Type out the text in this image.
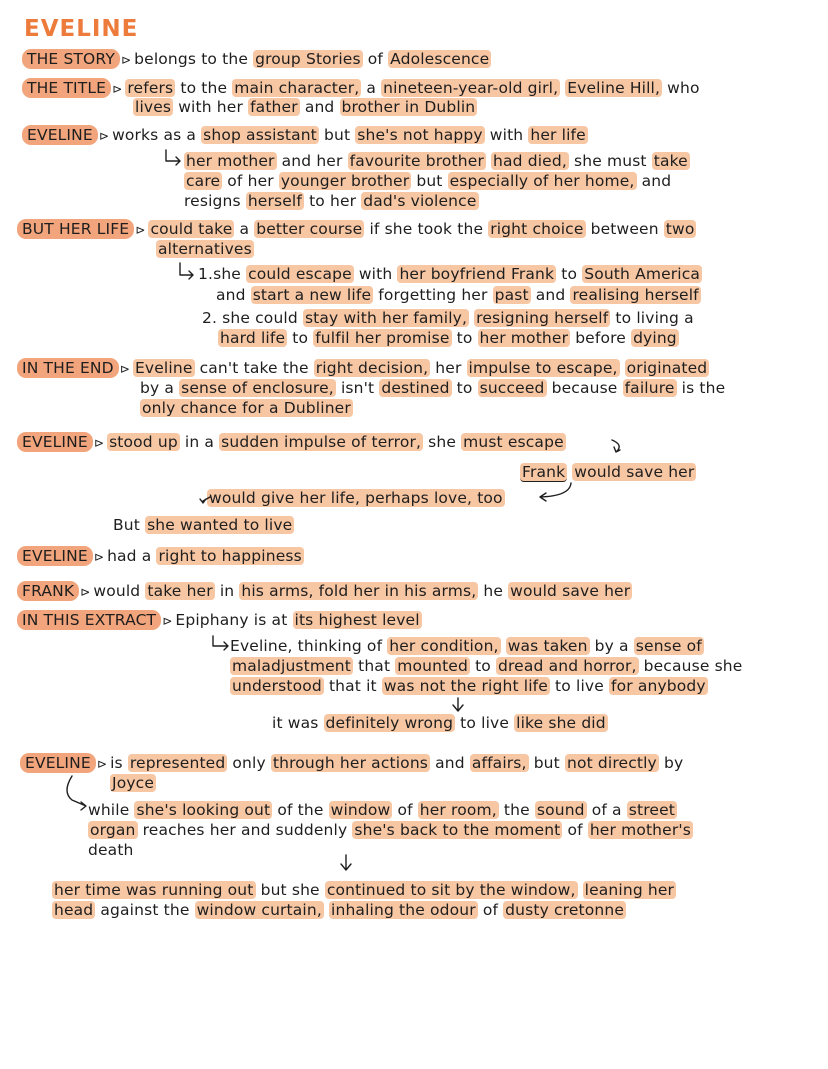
EVELINE
THE STORY ⊳ belongs to the group Stories of Adolescence
THE TITLE ⊳ refers to the main character, a nineteen-year-old girl, Eveline Hill, who
lives with her father and brother in Dublin
EVELINE ⊳ works as a shop assistant but she's not happy with her life
her mother and her favourite brother had died, she must take
care of her younger brother but especially of her home, and
resigns herself to her dad's violence
BUT HER LIFE ⊳ could take a better course if she took the right choice between two
alternatives
1.she could escape with her boyfriend Frank to South America
and start a new life forgetting her past and realising herself
2. she could stay with her family, resigning herself to living a
hard life to fulfil her promise to her mother before dying
IN THE END ⊳ Eveline can't take the right decision, her impulse to escape, originated
by a sense of enclosure, isn't destined to succeed because failure is the
only chance for a Dubliner
EVELINE ⊳ stood up in a sudden impulse of terror, she must escape
Frank would save her
would give her life, perhaps love, too
But she wanted to live
EVELINE ⊳ had a right to happiness
FRANK ⊳ would take her in his arms, fold her in his arms, he would save her
IN THIS EXTRACT ⊳ Epiphany is at its highest level
Eveline, thinking of her condition, was taken by a sense of
maladjustment that mounted to dread and horror, because she
understood that it was not the right life to live for anybody
it was definitely wrong to live like she did
EVELINE ⊳ is represented only through her actions and affairs, but not directly by
Joyce
while she's looking out of the window of her room, the sound of a street
organ reaches her and suddenly she's back to the moment of her mother's
death
her time was running out but she continued to sit by the window, leaning her
head against the window curtain, inhaling the odour of dusty cretonne
